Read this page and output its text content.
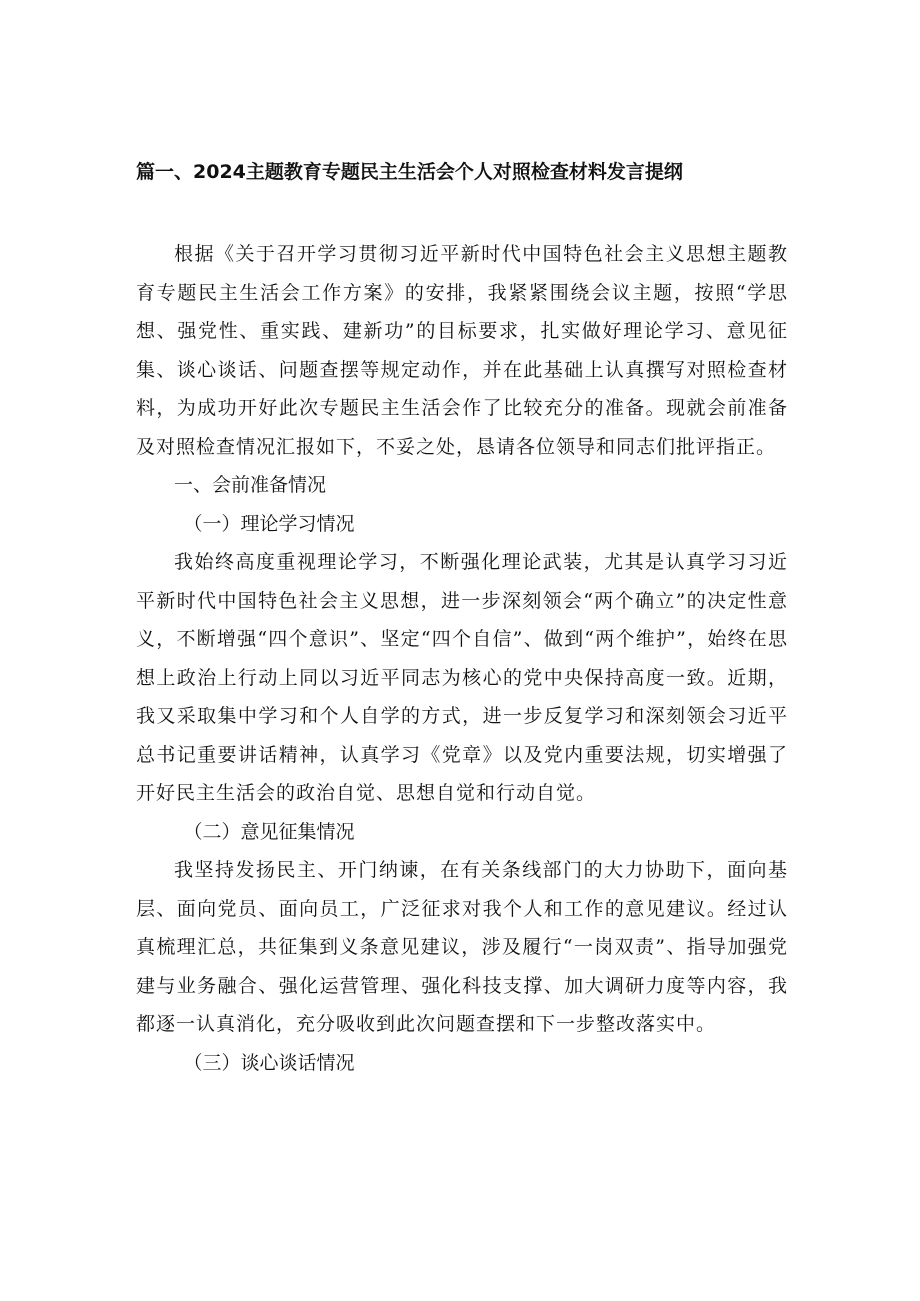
篇一、2024主题教育专题民主生活会个人对照检查材料发言提纲

根据《关于召开学习贯彻习近平新时代中国特色社会主义思想主题教育专题民主生活会工作方案》的安排，我紧紧围绕会议主题，按照“学思想、强党性、重实践、建新功”的目标要求，扎实做好理论学习、意见征集、谈心谈话、问题查摆等规定动作，并在此基础上认真撰写对照检查材料，为成功开好此次专题民主生活会作了比较充分的准备。现就会前准备及对照检查情况汇报如下，不妥之处，恳请各位领导和同志们批评指正。

一、会前准备情况
（一）理论学习情况

我始终高度重视理论学习，不断强化理论武装，尤其是认真学习习近平新时代中国特色社会主义思想，进一步深刻领会“两个确立”的决定性意义，不断增强“四个意识”、坚定“四个自信”、做到“两个维护”，始终在思想上政治上行动上同以习近平同志为核心的党中央保持高度一致。近期，我又采取集中学习和个人自学的方式，进一步反复学习和深刻领会习近平总书记重要讲话精神，认真学习《党章》以及党内重要法规，切实增强了开好民主生活会的政治自觉、思想自觉和行动自觉。

（二）意见征集情况

我坚持发扬民主、开门纳谏，在有关条线部门的大力协助下，面向基层、面向党员、面向员工，广泛征求对我个人和工作的意见建议。经过认真梳理汇总，共征集到义条意见建议，涉及履行“一岗双责”、指导加强党建与业务融合、强化运营管理、强化科技支撑、加大调研力度等内容，我都逐一认真消化，充分吸收到此次问题查摆和下一步整改落实中。

（三）谈心谈话情况
